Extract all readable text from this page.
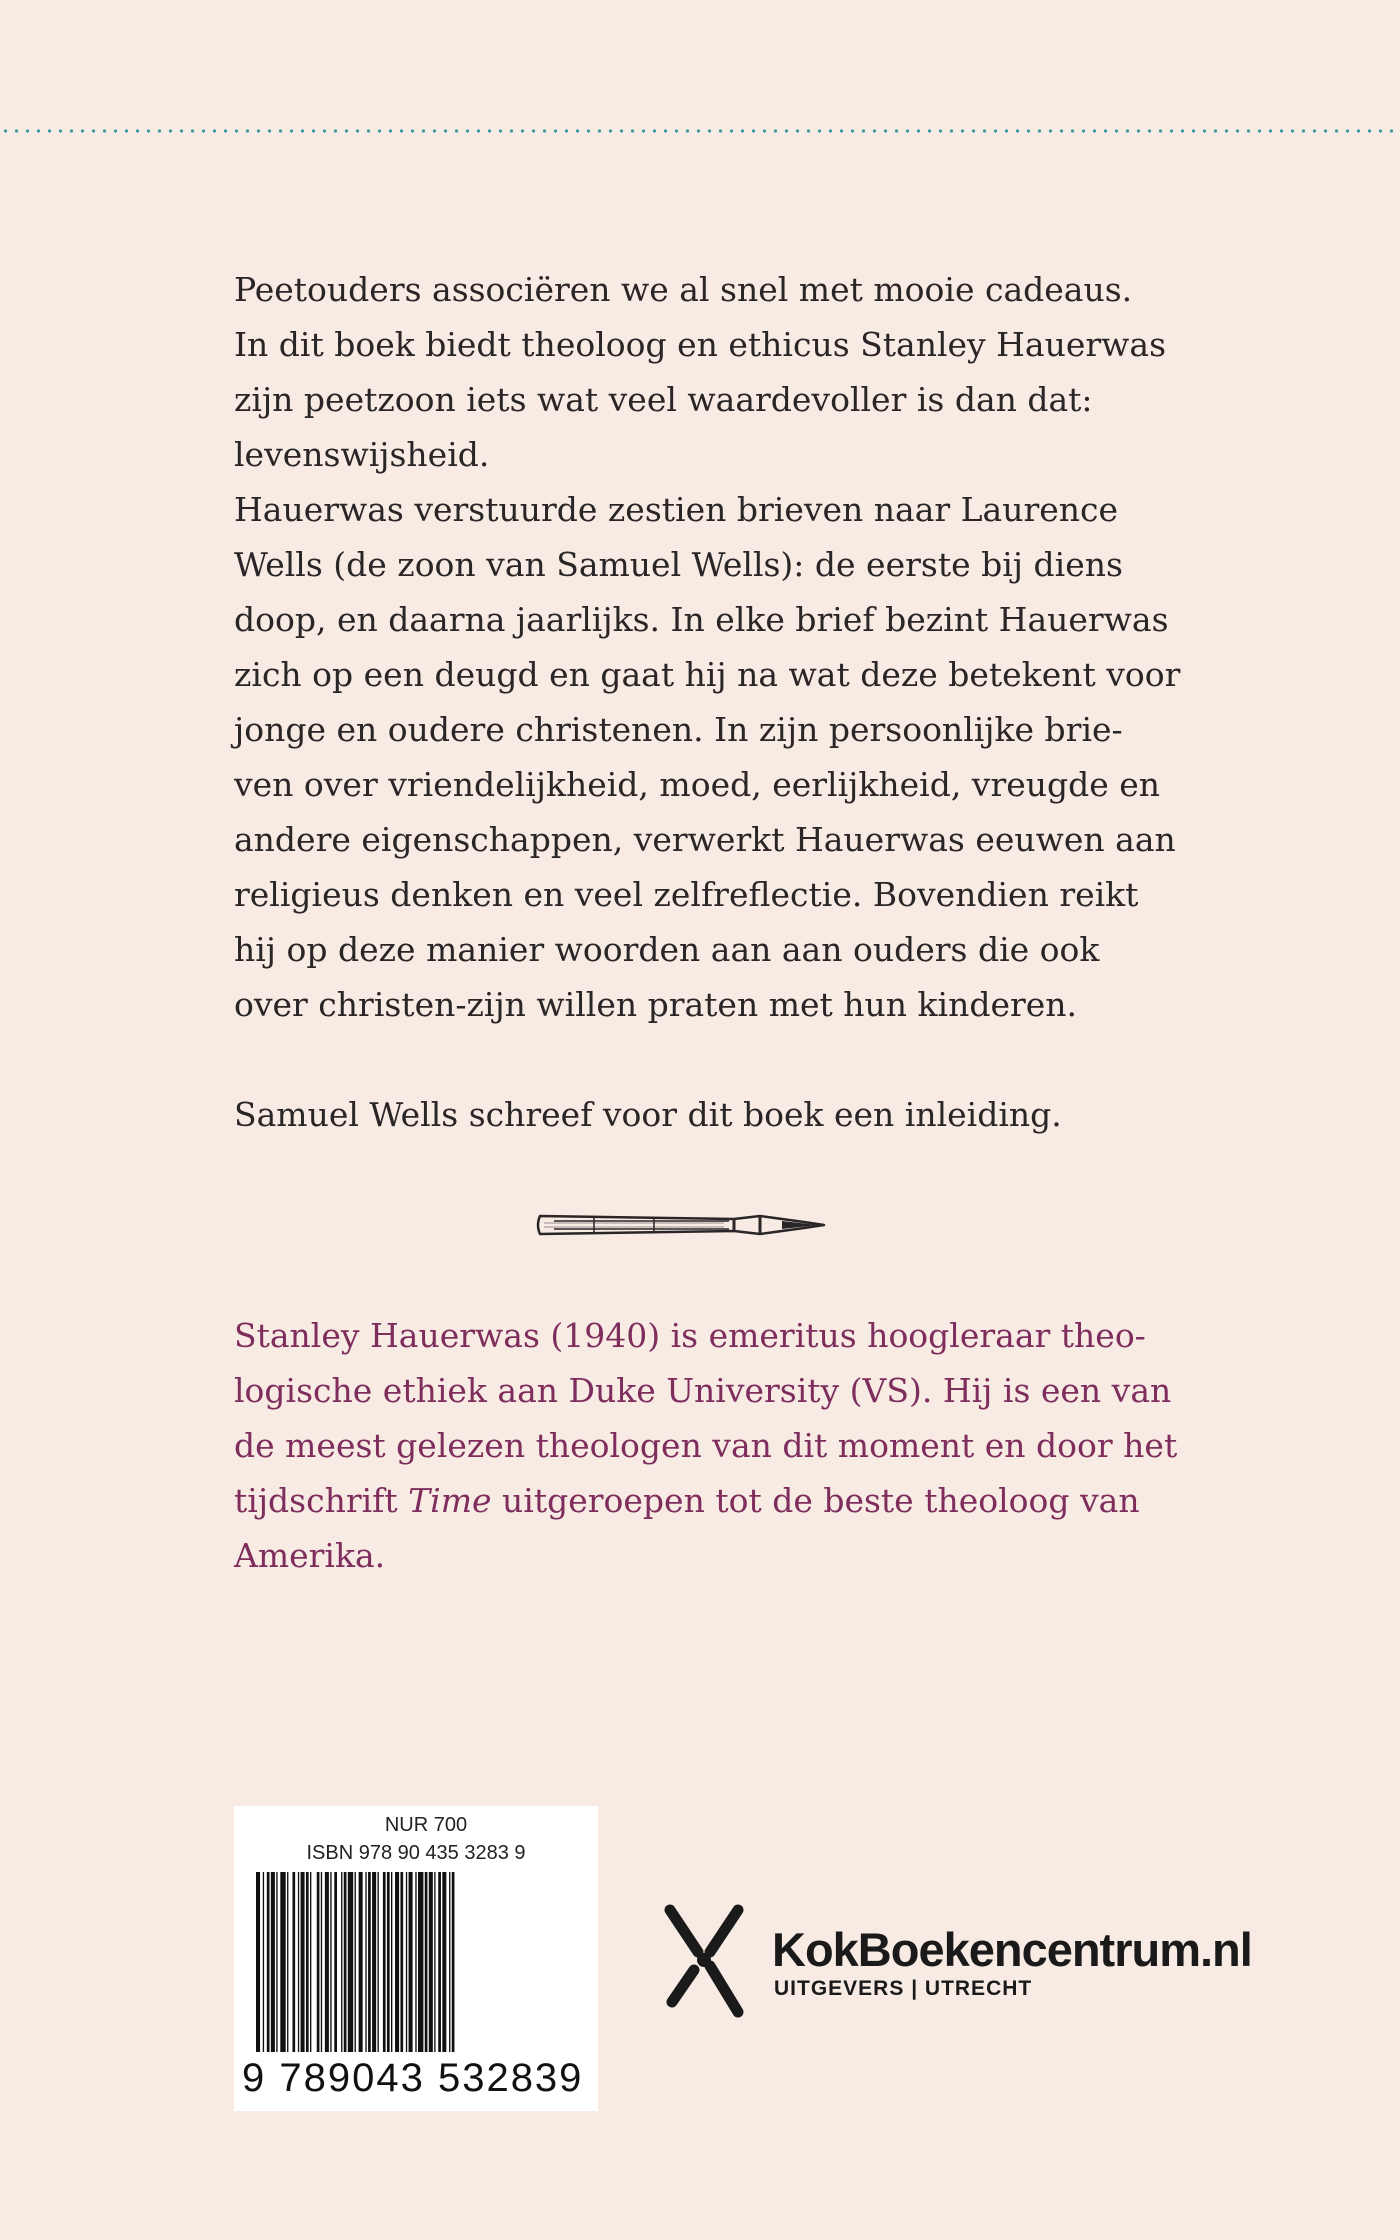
Peetouders associëren we al snel met mooie cadeaus.

In dit boek biedt theoloog en ethicus Stanley Hauerwas

zijn peetzoon iets wat veel waardevoller is dan dat:

levenswijsheid.

Hauerwas verstuurde zestien brieven naar Laurence

Wells (de zoon van Samuel Wells): de eerste bij diens

doop, en daarna jaarlijks. In elke brief bezint Hauerwas

zich op een deugd en gaat hij na wat deze betekent voor

jonge en oudere christenen. In zijn persoonlijke brie-

ven over vriendelijkheid, moed, eerlijkheid, vreugde en

andere eigenschappen, verwerkt Hauerwas eeuwen aan

religieus denken en veel zelfreflectie. Bovendien reikt

hij op deze manier woorden aan aan ouders die ook

over christen-zijn willen praten met hun kinderen.

Samuel Wells schreef voor dit boek een inleiding.

Stanley Hauerwas (1940) is emeritus hoogleraar theo-

logische ethiek aan Duke University (VS). Hij is een van

de meest gelezen theologen van dit moment en door het

tijdschrift Time uitgeroepen tot de beste theoloog van

Amerika.

NUR 700
ISBN 978 90 435 3283 9
9 789043 532839
KokBoekencentrum.nl
UITGEVERS | UTRECHT
